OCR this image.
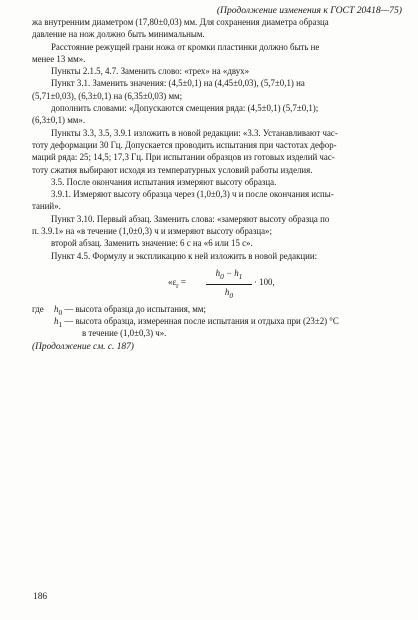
(Продолжение изменения к ГОСТ 20418—75)

жа внутренним диаметром (17,80±0,03) мм. Для сохранения диаметра образца

давление на нож должно быть минимальным.

Расстояние режущей грани ножа от кромки пластинки должно быть не

менее 13 мм».

Пункты 2.1.5, 4.7. Заменить слово: «трех» на «двух»

Пункт 3.1. Заменить значения: (4,5±0,1) на (4,45±0,03), (5,7±0,1) на

(5,71±0,03), (6,3±0,1) на (6,35±0,03) мм;

дополнить словами: «Допускаются смещения ряда: (4,5±0,1) (5,7±0,1);

(6,3±0,1) мм».

Пункты 3.3, 3.5, 3.9.1 изложить в новой редакции: «3.3. Устанавливают час-

тоту деформации 30 Гц. Допускается проводить испытания при частотах дефор-

маций ряда: 25; 14,5; 17,3 Гц. При испытании образцов из готовых изделий час-

тоту сжатия выбирают исходя из температурных условий работы изделия.

3.5. После окончания испытания измеряют высоту образца.

3.9.1. Измеряют высоту образца через (1,0±0,3) ч и после окончания испы-

таний».

Пункт 3.10. Первый абзац. Заменить слова: «замеряют высоту образца по

п. 3.9.1» на «в течение (1,0±0,3) ч и измеряют высоту образца»;

второй абзац. Заменить значение: 6 с на «6 или 15 с».

Пункт 4.5. Формулу и экспликацию к ней изложить в новой редакции:

«$\varepsilon_r = \frac{h_0 - h_1}{h_0} \cdot 100$,
где $h_0$ — высота образца до испытания, мм;
$h_1$ — высота образца, измеренная после испытания и отдыха при (23±2) °С
в течение (1,0±0,3) ч».

(Продолжение см. с. 187)

186
